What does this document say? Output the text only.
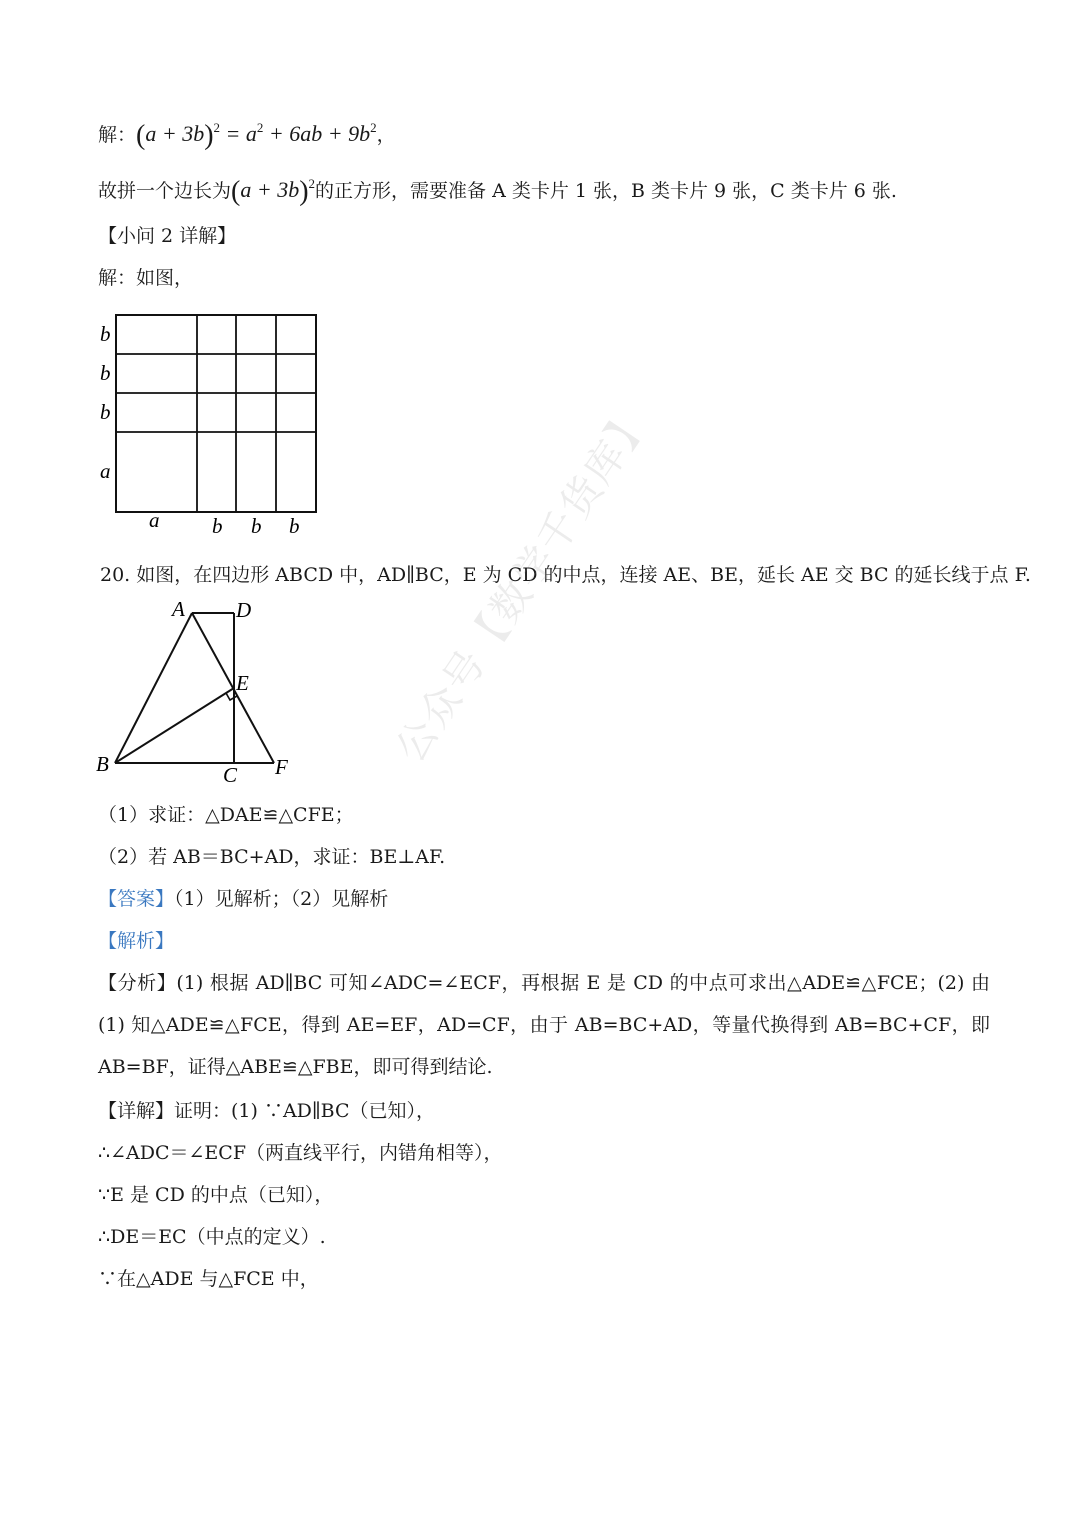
解：$(a + 3b)^2 = a^2 + 6ab + 9b^2$，
故拼一个边长为$(a + 3b)^2$的正方形，需要准备 A 类卡片 1 张，B 类卡片 9 张，C 类卡片 6 张.
【小问 2 详解】
解：如图，
b
b
b
a
a	b b b
20. 如图，在四边形 ABCD 中，AD∥BC，E 为 CD 的中点，连接 AE、BE，延长 AE 交 BC 的延长线于点 F.
A D
E
B	C F
（1）求证：△DAE≌△CFE；
（2）若 AB＝BC+AD，求证：BE⊥AF.
【答案】（1）见解析；（2）见解析
【解析】
【分析】(1) 根据 AD∥BC 可知∠ADC=∠ECF，再根据 E 是 CD 的中点可求出△ADE≌△FCE；(2) 由 (1) 知△ADE≌△FCE，得到 AE=EF，AD=CF，由于 AB=BC+AD，等量代换得到 AB=BC+CF，即 AB=BF，证得△ABE≌△FBE，即可得到结论.
【详解】证明：(1) ∵AD∥BC（已知），
∴∠ADC＝∠ECF（两直线平行，内错角相等），
∵E 是 CD 的中点（已知），
∴DE＝EC（中点的定义）.
∵在△ADE 与△FCE 中，
公众号【数学千货库】
